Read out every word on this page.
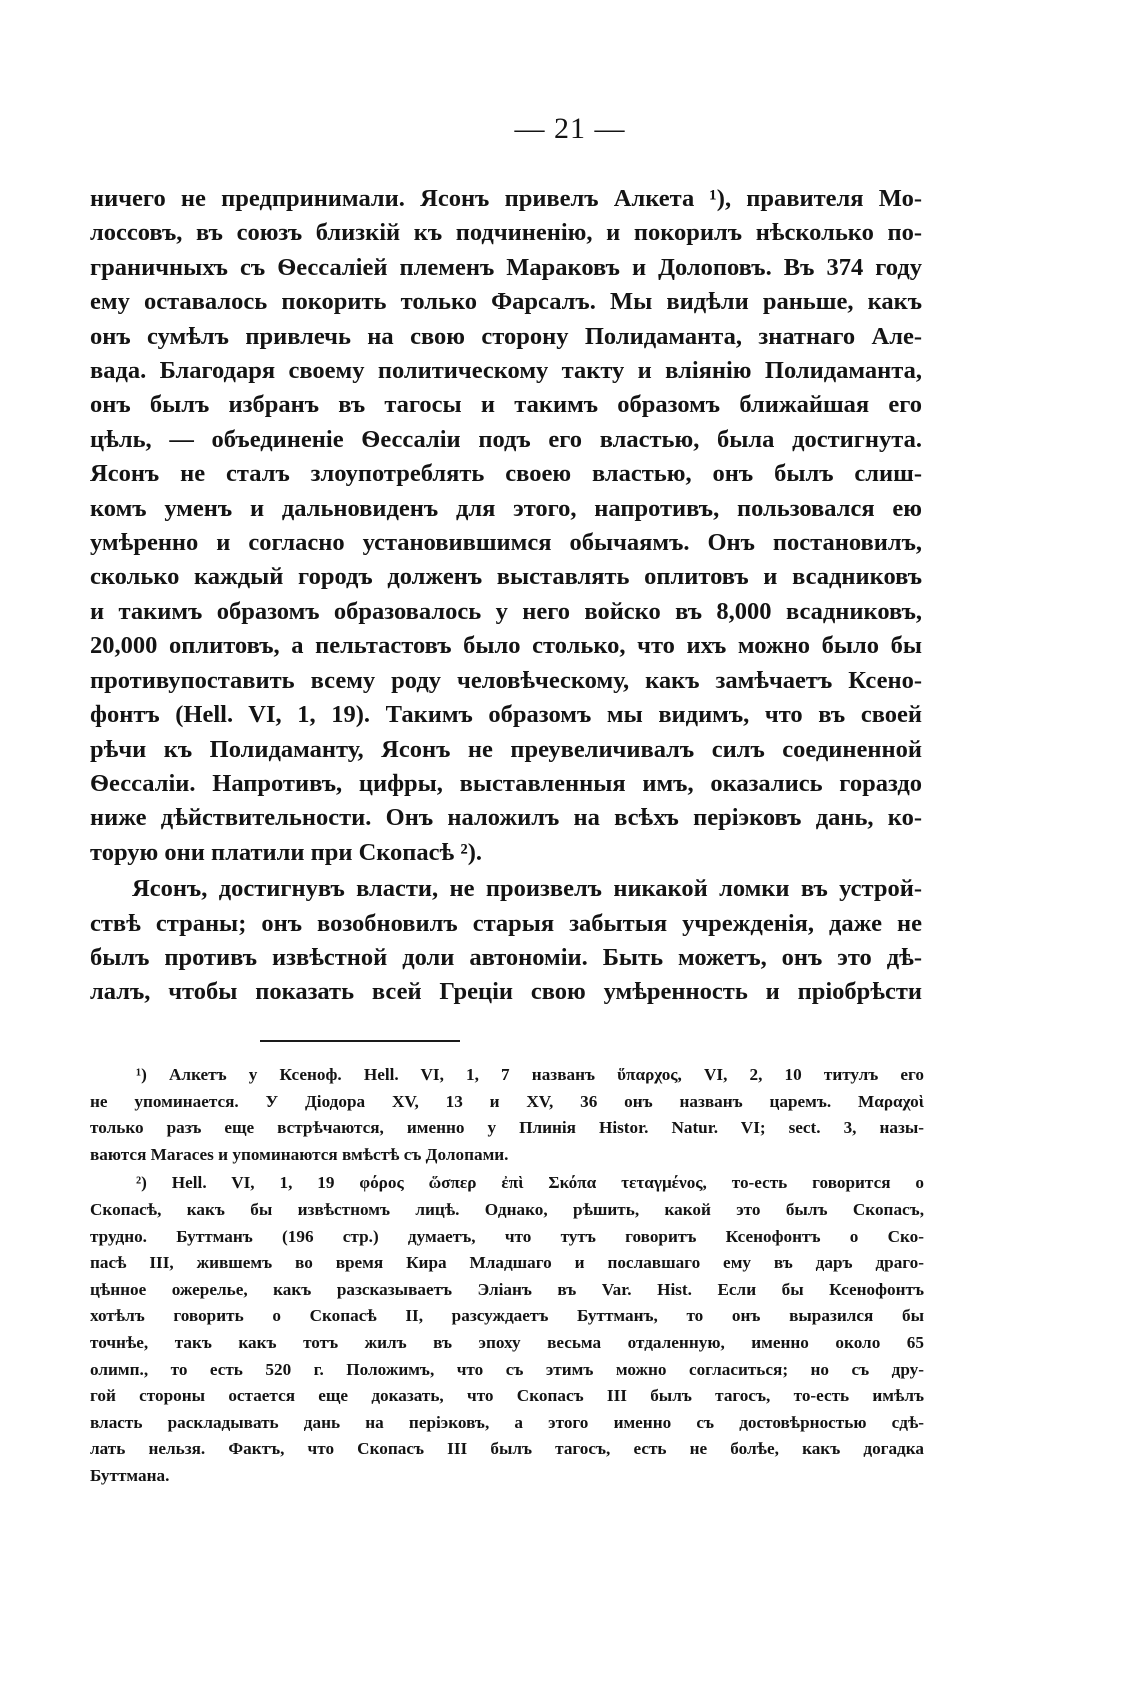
— 21 —
ничего не предпринимали. Ясонъ привелъ Алкета ¹), правителя Мо-
лоссовъ, въ союзъ близкій къ подчиненію, и покорилъ нѣсколько по-
граничныхъ съ Ѳессаліей племенъ Мараковъ и Долоповъ. Въ 374 году
ему оставалось покорить только Фарсалъ. Мы видѣли раньше, какъ
онъ сумѣлъ привлечь на свою сторону Полидаманта, знатнаго Але-
вада. Благодаря своему политическому такту и вліянію Полидаманта,
онъ былъ избранъ въ тагосы и такимъ образомъ ближайшая его
цѣль, — объединеніе Ѳессаліи подъ его властью, была достигнута.
Ясонъ не сталъ злоупотреблять своею властью, онъ былъ слиш-
комъ уменъ и дальновиденъ для этого, напротивъ, пользовался ею
умѣренно и согласно установившимся обычаямъ. Онъ постановилъ,
сколько каждый городъ долженъ выставлять оплитовъ и всадниковъ
и такимъ образомъ образовалось у него войско въ 8,000 всадниковъ,
20,000 оплитовъ, а пельтастовъ было столько, что ихъ можно было бы
противупоставить всему роду человѣческому, какъ замѣчаетъ Ксено-
фонтъ (Hell. VI, 1, 19). Такимъ образомъ мы видимъ, что въ своей
рѣчи къ Полидаманту, Ясонъ не преувеличивалъ силъ соединенной
Ѳессаліи. Напротивъ, цифры, выставленныя имъ, оказались гораздо
ниже дѣйствительности. Онъ наложилъ на всѣхъ періэковъ дань, ко-
торую они платили при Скопасѣ ²).
Ясонъ, достигнувъ власти, не произвелъ никакой ломки въ устрой-
ствѣ страны; онъ возобновилъ старыя забытыя учрежденія, даже не
былъ противъ извѣстной доли автономіи. Быть можетъ, онъ это дѣ-
лалъ, чтобы показать всей Греціи свою умѣренность и пріобрѣсти
¹) Алкетъ у Ксеноф. Hell. VI, 1, 7 названъ ὕπαρχος, VI, 2, 10 титулъ его
не упоминается. У Діодора XV, 13 и XV, 36 онъ названъ царемъ. Μαραχοὶ
только разъ еще встрѣчаются, именно у Плинія Histor. Natur. VI; sect. 3, назы-
ваются Маrасеs и упоминаются вмѣстѣ съ Долопами.
²) Hell. VI, 1, 19 φόρος ὥσπερ ἐπὶ Σκόπα τεταγμένος, то-есть говорится о
Скопасѣ, какъ бы извѣстномъ лицѣ. Однако, рѣшить, какой это былъ Скопасъ,
трудно. Буттманъ (196 стр.) думаетъ, что тутъ говоритъ Ксенофонтъ о Ско-
пасѣ III, жившемъ во время Кира Младшаго и пославшаго ему въ даръ драго-
цѣнное ожерелье, какъ разсказываетъ Эліанъ въ Var. Hist. Если бы Ксенофонтъ
хотѣлъ говорить о Скопасѣ II, разсуждаетъ Буттманъ, то онъ выразился бы
точнѣе, такъ какъ тотъ жилъ въ эпоху весьма отдаленную, именно около 65
олимп., то есть 520 г. Положимъ, что съ этимъ можно согласиться; но съ дру-
гой стороны остается еще доказать, что Скопасъ III былъ тагосъ, то-есть имѣлъ
власть раскладывать дань на періэковъ, а этого именно съ достовѣрностью сдѣ-
лать нельзя. Фактъ, что Скопасъ III былъ тагосъ, есть не болѣе, какъ догадка
Буттмана.
